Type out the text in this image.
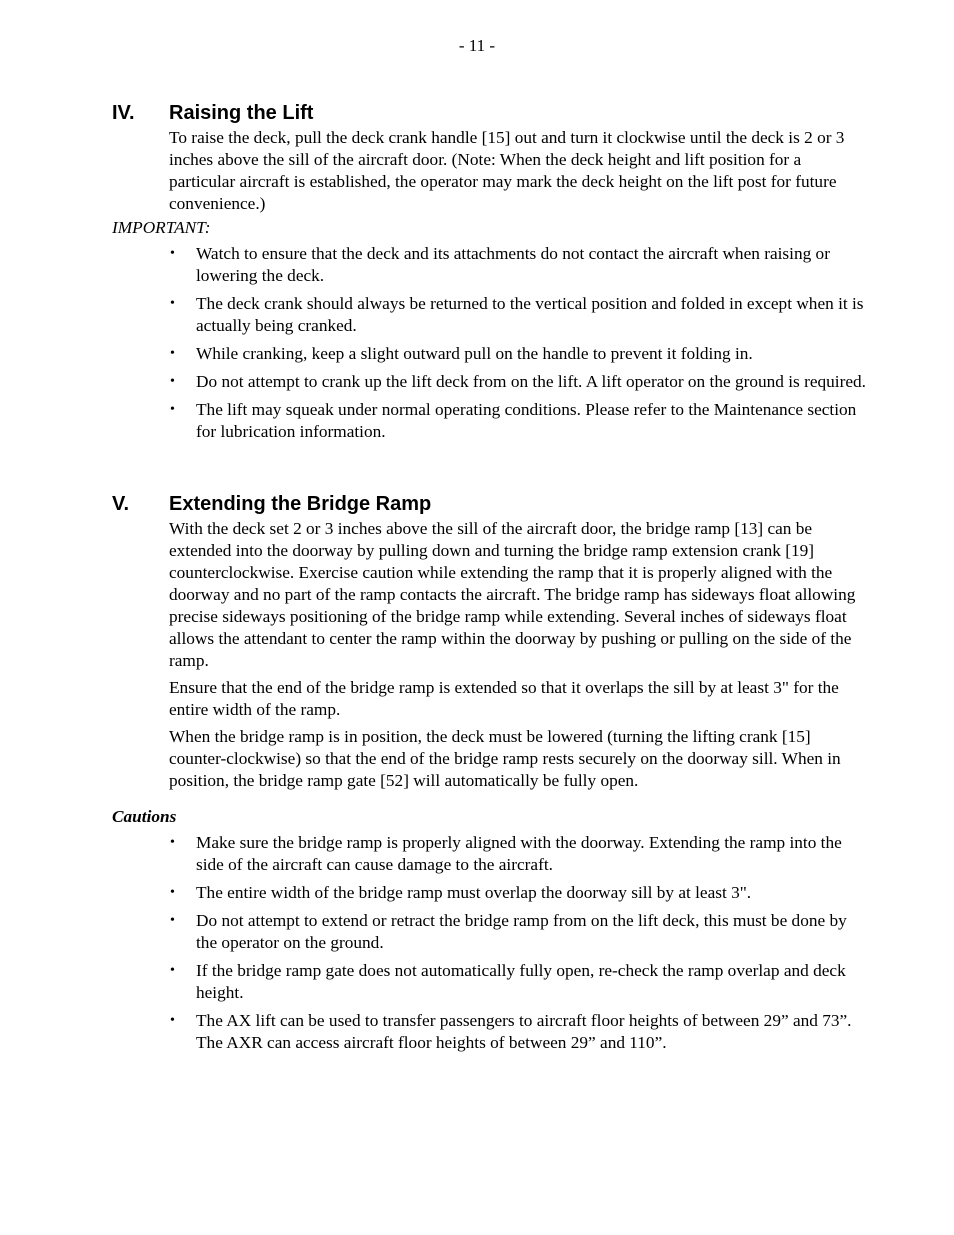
- 11 -
IV. Raising the Lift

To raise the deck, pull the deck crank handle [15] out and turn it clockwise until the deck is 2 or 3 inches above the sill of the aircraft door. (Note: When the deck height and lift position for a particular aircraft is established, the operator may mark the deck height on the lift post for future convenience.)

IMPORTANT:
• Watch to ensure that the deck and its attachments do not contact the aircraft when raising or lowering the deck.
• The deck crank should always be returned to the vertical position and folded in except when it is actually being cranked.
• While cranking, keep a slight outward pull on the handle to prevent it folding in.
• Do not attempt to crank up the lift deck from on the lift. A lift operator on the ground is required.
• The lift may squeak under normal operating conditions. Please refer to the Maintenance section for lubrication information.
V. Extending the Bridge Ramp

With the deck set 2 or 3 inches above the sill of the aircraft door, the bridge ramp [13] can be extended into the doorway by pulling down and turning the bridge ramp extension crank [19] counterclockwise. Exercise caution while extending the ramp that it is properly aligned with the doorway and no part of the ramp contacts the aircraft. The bridge ramp has sideways float allowing precise sideways positioning of the bridge ramp while extending. Several inches of sideways float allows the attendant to center the ramp within the doorway by pushing or pulling on the side of the ramp.

Ensure that the end of the bridge ramp is extended so that it overlaps the sill by at least 3" for the entire width of the ramp.

When the bridge ramp is in position, the deck must be lowered (turning the lifting crank [15] counter-clockwise) so that the end of the bridge ramp rests securely on the doorway sill. When in position, the bridge ramp gate [52] will automatically be fully open.

Cautions
• Make sure the bridge ramp is properly aligned with the doorway. Extending the ramp into the side of the aircraft can cause damage to the aircraft.
• The entire width of the bridge ramp must overlap the doorway sill by at least 3".
• Do not attempt to extend or retract the bridge ramp from on the lift deck, this must be done by the operator on the ground.
• If the bridge ramp gate does not automatically fully open, re-check the ramp overlap and deck height.
• The AX lift can be used to transfer passengers to aircraft floor heights of between 29” and 73”. The AXR can access aircraft floor heights of between 29” and 110”.
